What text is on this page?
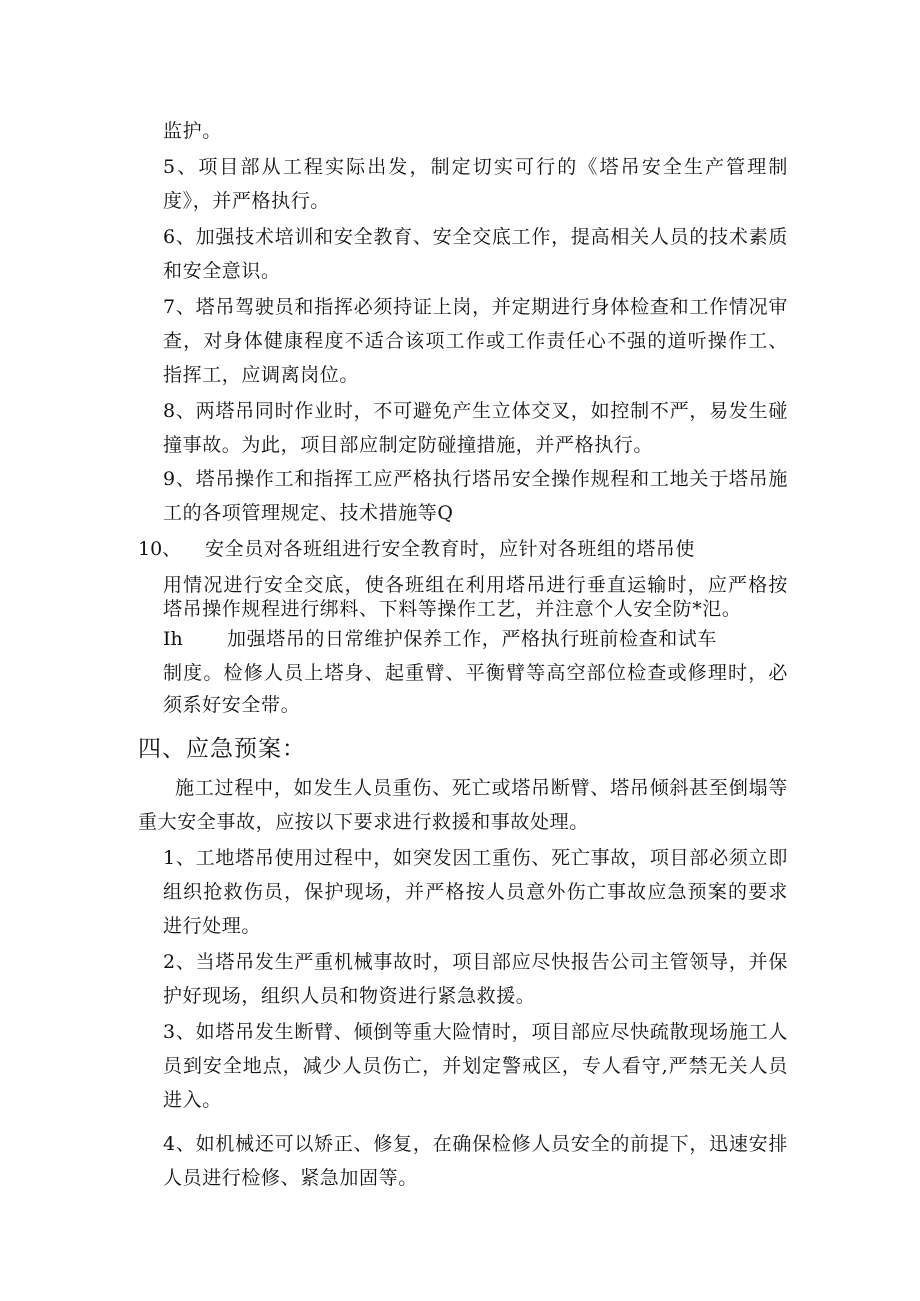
监护。
5、项目部从工程实际出发，制定切实可行的《塔吊安全生产管理制
度》，并严格执行。
6、加强技术培训和安全教育、安全交底工作，提高相关人员的技术素质
和安全意识。
7、塔吊驾驶员和指挥必须持证上岗，并定期进行身体检查和工作情况审
查，对身体健康程度不适合该项工作或工作责任心不强的道听操作工、
指挥工，应调离岗位。
8、两塔吊同时作业时，不可避免产生立体交叉，如控制不严，易发生碰
撞事故。为此，项目部应制定防碰撞措施，并严格执行。
9、塔吊操作工和指挥工应严格执行塔吊安全操作规程和工地关于塔吊施
工的各项管理规定、技术措施等Q
10、 安全员对各班组进行安全教育时，应针对各班组的塔吊使
用情况进行安全交底，使各班组在利用塔吊进行垂直运输时，应严格按
塔吊操作规程进行绑料、下料等操作工艺，并注意个人安全防*氾。
Ih 加强塔吊的日常维护保养工作，严格执行班前检查和试车
制度。检修人员上塔身、起重臂、平衡臂等高空部位检查或修理时，必
须系好安全带。
四、应急预案：
施工过程中，如发生人员重伤、死亡或塔吊断臂、塔吊倾斜甚至倒塌等
重大安全事故，应按以下要求进行救援和事故处理。
1、工地塔吊使用过程中，如突发因工重伤、死亡事故，项目部必须立即
组织抢救伤员，保护现场，并严格按人员意外伤亡事故应急预案的要求
进行处理。
2、当塔吊发生严重机械事故时，项目部应尽快报告公司主管领导，并保
护好现场，组织人员和物资进行紧急救援。
3、如塔吊发生断臂、倾倒等重大险情时，项目部应尽快疏散现场施工人
员到安全地点，减少人员伤亡，并划定警戒区，专人看守,严禁无关人员
进入。
4、如机械还可以矫正、修复，在确保检修人员安全的前提下，迅速安排
人员进行检修、紧急加固等。
